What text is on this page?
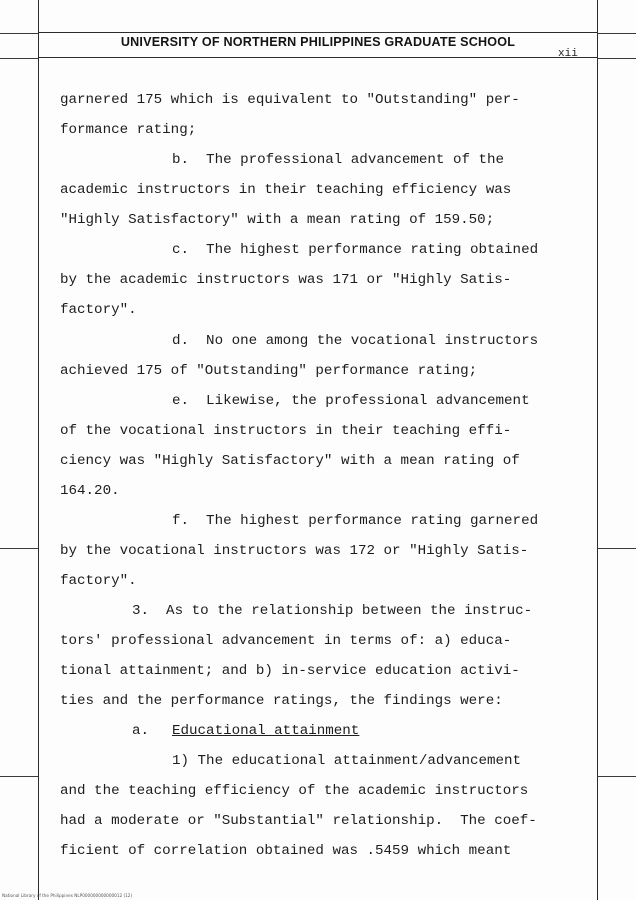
UNIVERSITY OF NORTHERN PHILIPPINES GRADUATE SCHOOL
xii
garnered 175 which is equivalent to "Outstanding" per-
formance rating;
b.  The professional advancement of the
academic instructors in their teaching efficiency was
"Highly Satisfactory" with a mean rating of 159.50;
c.  The highest performance rating obtained
by the academic instructors was 171 or "Highly Satis-
factory".
d.  No one among the vocational instructors
achieved 175 of "Outstanding" performance rating;
e.  Likewise, the professional advancement
of the vocational instructors in their teaching effi-
ciency was "Highly Satisfactory" with a mean rating of
164.20.
f.  The highest performance rating garnered
by the vocational instructors was 172 or "Highly Satis-
factory".
3.  As to the relationship between the instruc-
tors' professional advancement in terms of: a) educa-
tional attainment; and b) in-service education activi-
ties and the performance ratings, the findings were:
a. Educational attainment
1) The educational attainment/advancement
and the teaching efficiency of the academic instructors
had a moderate or "Substantial" relationship.  The coef-
ficient of correlation obtained was .5459 which meant
National Library of the Philippines NLP000000000000012 (12)
